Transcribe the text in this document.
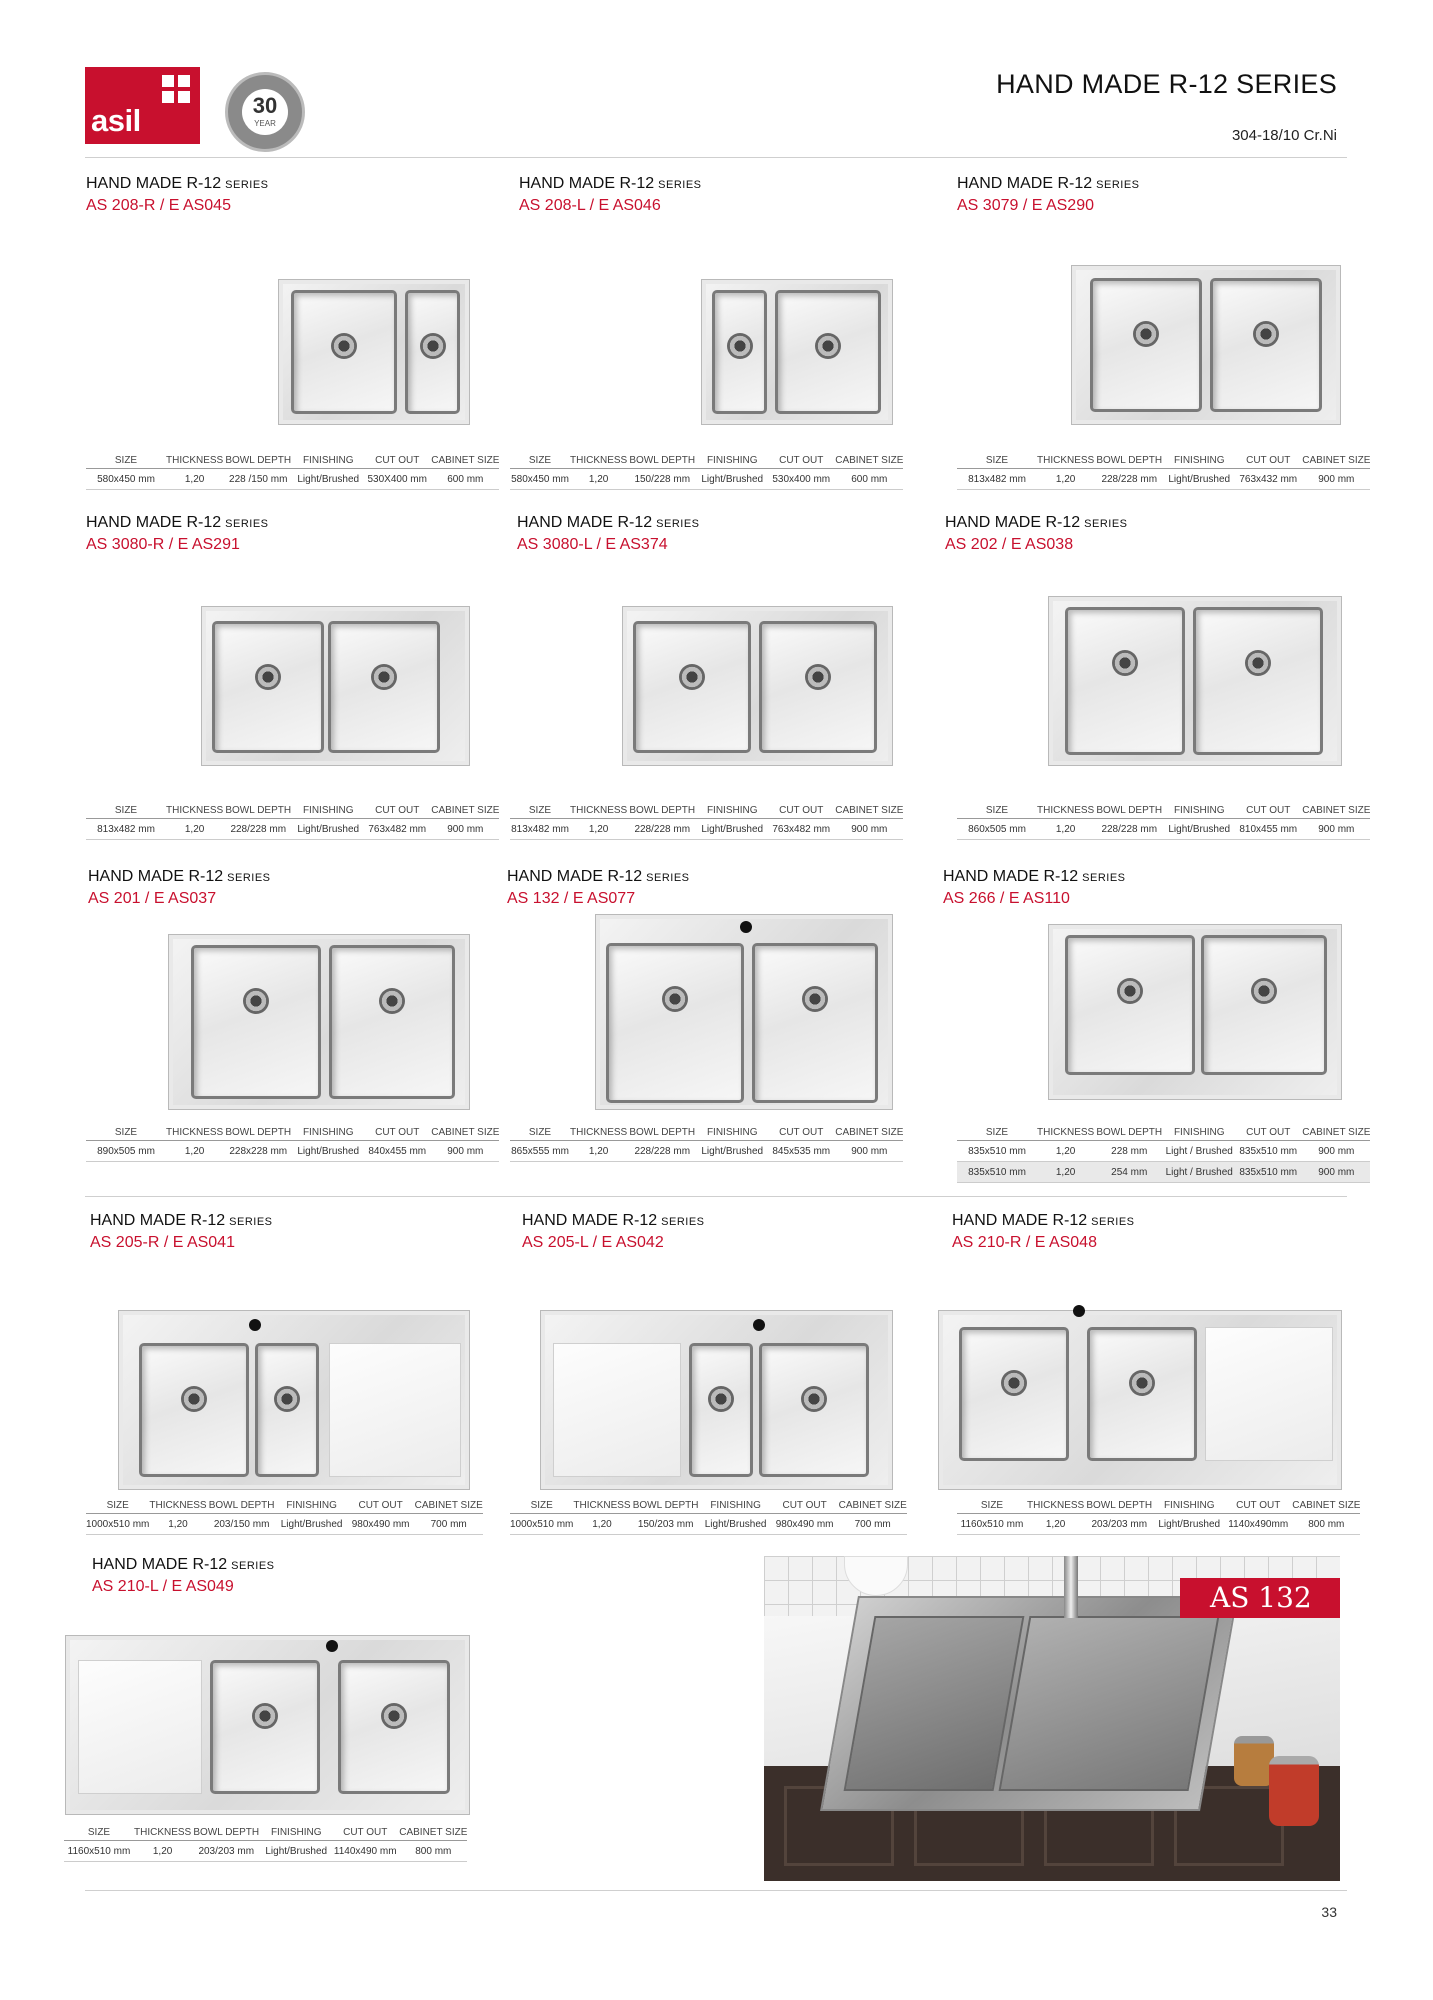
asil	30
YEAR
HAND MADE R-12 SERIES
304-18/10 Cr.Ni
HAND MADE R-12 SERIES
AS 208-R / E AS045
SIZE	THICKNESS	BOWL DEPTH	FINISHING	CUT OUT	CABINET SIZE
580x450 mm	1,20	228 /150 mm	Light/Brushed	530X400 mm	600 mm
HAND MADE R-12 SERIES
AS 208-L / E AS046
SIZE	THICKNESS	BOWL DEPTH	FINISHING	CUT OUT	CABINET SIZE
580x450 mm	1,20	150/228 mm	Light/Brushed	530x400 mm	600 mm
HAND MADE R-12 SERIES
AS 3079 / E AS290
SIZE	THICKNESS	BOWL DEPTH	FINISHING	CUT OUT	CABINET SIZE
813x482 mm	1,20	228/228 mm	Light/Brushed	763x432 mm	900 mm
HAND MADE R-12 SERIES
AS 3080-R / E AS291
SIZE	THICKNESS	BOWL DEPTH	FINISHING	CUT OUT	CABINET SIZE
813x482 mm	1,20	228/228 mm	Light/Brushed	763x482 mm	900 mm
HAND MADE R-12 SERIES
AS 3080-L / E AS374
SIZE	THICKNESS	BOWL DEPTH	FINISHING	CUT OUT	CABINET SIZE
813x482 mm	1,20	228/228 mm	Light/Brushed	763x482 mm	900 mm
HAND MADE R-12 SERIES
AS 202 / E AS038
SIZE	THICKNESS	BOWL DEPTH	FINISHING	CUT OUT	CABINET SIZE
860x505 mm	1,20	228/228 mm	Light/Brushed	810x455 mm	900 mm
HAND MADE R-12 SERIES
AS 201 / E AS037
SIZE	THICKNESS	BOWL DEPTH	FINISHING	CUT OUT	CABINET SIZE
890x505 mm	1,20	228x228 mm	Light/Brushed	840x455 mm	900 mm
HAND MADE R-12 SERIES
AS 132 / E AS077
SIZE	THICKNESS	BOWL DEPTH	FINISHING	CUT OUT	CABINET SIZE
865x555 mm	1,20	228/228 mm	Light/Brushed	845x535 mm	900 mm
HAND MADE R-12 SERIES
AS 266 / E AS110
SIZE	THICKNESS	BOWL DEPTH	FINISHING	CUT OUT	CABINET SIZE
835x510 mm	1,20	228 mm	Light / Brushed	835x510 mm	900 mm
835x510 mm	1,20	254 mm	Light / Brushed	835x510 mm	900 mm
HAND MADE R-12 SERIES
AS 205-R / E AS041
SIZE	THICKNESS	BOWL DEPTH	FINISHING	CUT OUT	CABINET SIZE
1000x510 mm	1,20	203/150 mm	Light/Brushed	980x490 mm	700 mm
HAND MADE R-12 SERIES
AS 205-L / E AS042
SIZE	THICKNESS	BOWL DEPTH	FINISHING	CUT OUT	CABINET SIZE
1000x510 mm	1,20	150/203 mm	Light/Brushed	980x490 mm	700 mm
HAND MADE R-12 SERIES
AS 210-R / E AS048
SIZE	THICKNESS	BOWL DEPTH	FINISHING	CUT OUT	CABINET SIZE
1160x510 mm	1,20	203/203 mm	Light/Brushed	1140x490mm	800 mm
HAND MADE R-12 SERIES
AS 210-L / E AS049
SIZE	THICKNESS	BOWL DEPTH	FINISHING	CUT OUT	CABINET SIZE
1160x510 mm	1,20	203/203 mm	Light/Brushed	1140x490 mm	800 mm
AS 132
33
